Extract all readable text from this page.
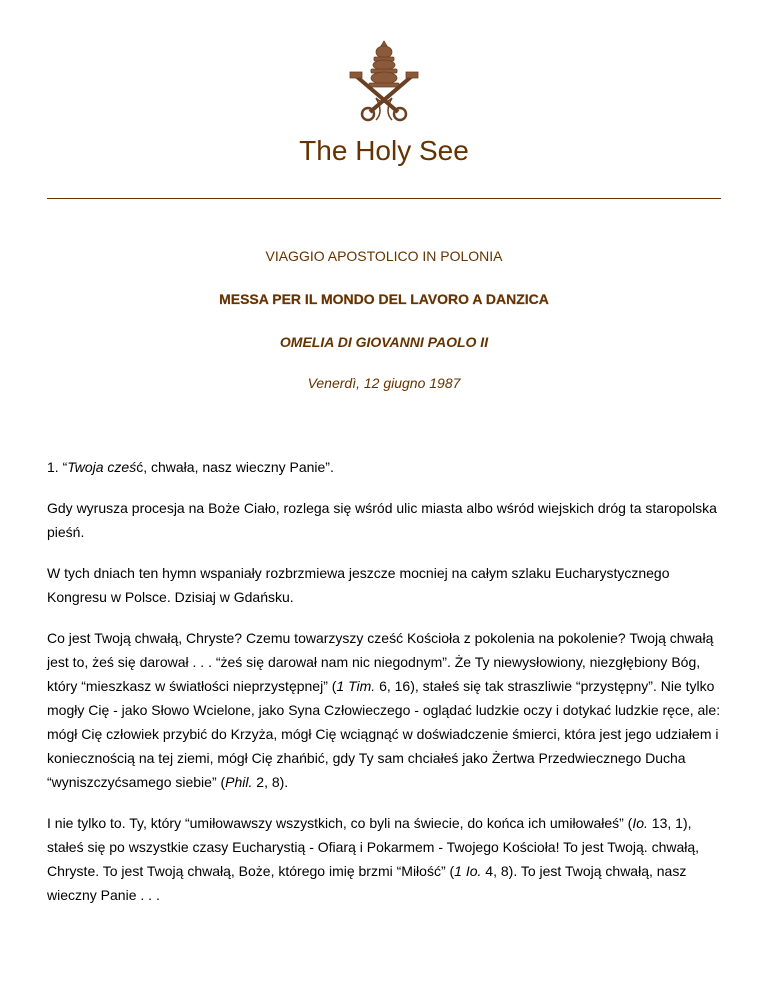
The Holy See
VIAGGIO APOSTOLICO IN POLONIA
MESSA PER IL MONDO DEL LAVORO A DANZICA
OMELIA DI GIOVANNI PAOLO II
Venerdì, 12 giugno 1987

1. “Twoja cześć, chwała, nasz wieczny Panie”.

Gdy wyrusza procesja na Boże Ciało, rozlega się wśród ulic miasta albo wśród wiejskich dróg ta staropolska pieśń.

W tych dniach ten hymn wspaniały rozbrzmiewa jeszcze mocniej na całym szlaku Eucharystycznego Kongresu w Polsce. Dzisiaj w Gdańsku.

Co jest Twoją chwałą, Chryste? Czemu towarzyszy cześć Kościoła z pokolenia na pokolenie? Twoją chwałą jest to, żeś się darował . . . “żeś się darował nam nic niegodnym”. Że Ty niewysłowiony, niezgłębiony Bóg, który “mieszkasz w światłości nieprzystępnej” (1 Tim. 6, 16), stałeś się tak straszliwie “przystępny”. Nie tylko mogły Cię - jako Słowo Wcielone, jako Syna Człowieczego - oglądać ludzkie oczy i dotykać ludzkie ręce, ale: mógł Cię człowiek przybić do Krzyża, mógł Cię wciągnąć w doświadczenie śmierci, która jest jego udziałem i koniecznością na tej ziemi, mógł Cię zhańbić, gdy Ty sam chciałeś jako Żertwa Przedwiecznego Ducha “wyniszczyćsamego siebie” (Phil. 2, 8).

I nie tylko to. Ty, który “umiłowawszy wszystkich, co byli na świecie, do końca ich umiłowałeś” (Io. 13, 1), stałeś się po wszystkie czasy Eucharystią - Ofiarą i Pokarmem - Twojego Kościoła! To jest Twoją. chwałą, Chryste. To jest Twoją chwałą, Boże, którego imię brzmi “Miłość” (1 Io. 4, 8). To jest Twoją chwałą, nasz wieczny Panie . . .
